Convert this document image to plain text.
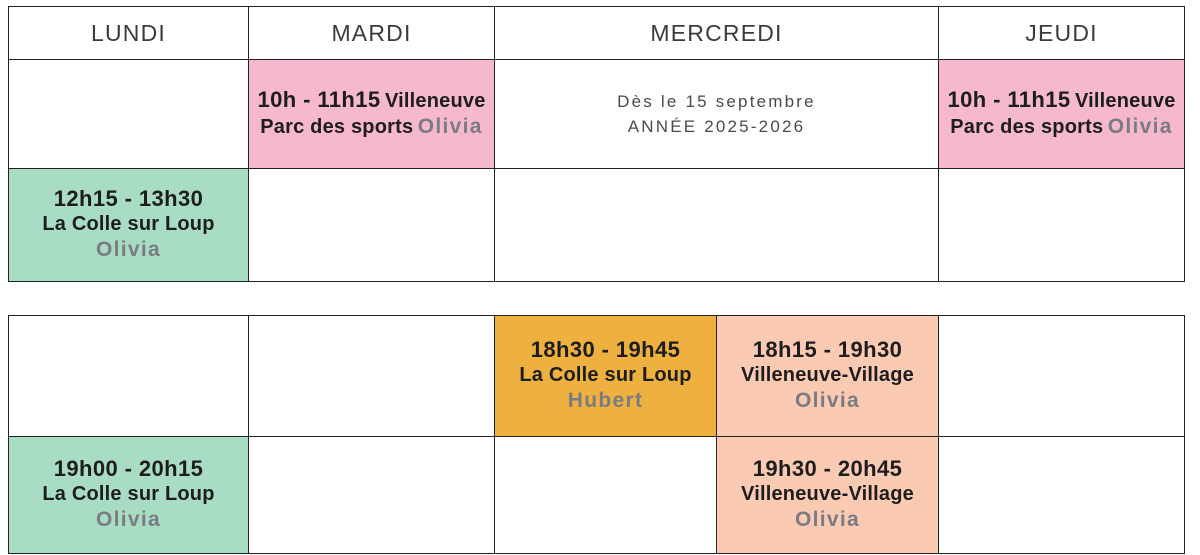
LUNDI	MARDI	MERCREDI	JEUDI

	10h - 11h15 Villeneuve Parc des sports Olivia	Dès le 15 septembre
ANNÉE 2025-2026	10h - 11h15 Villeneuve Parc des sports Olivia

12h15 - 13h30 La Colle sur Loup Olivia			

		18h30 - 19h45 La Colle sur Loup Hubert	18h15 - 19h30 Villeneuve-Village Olivia	

19h00 - 20h15 La Colle sur Loup Olivia			19h30 - 20h45 Villeneuve-Village Olivia	
